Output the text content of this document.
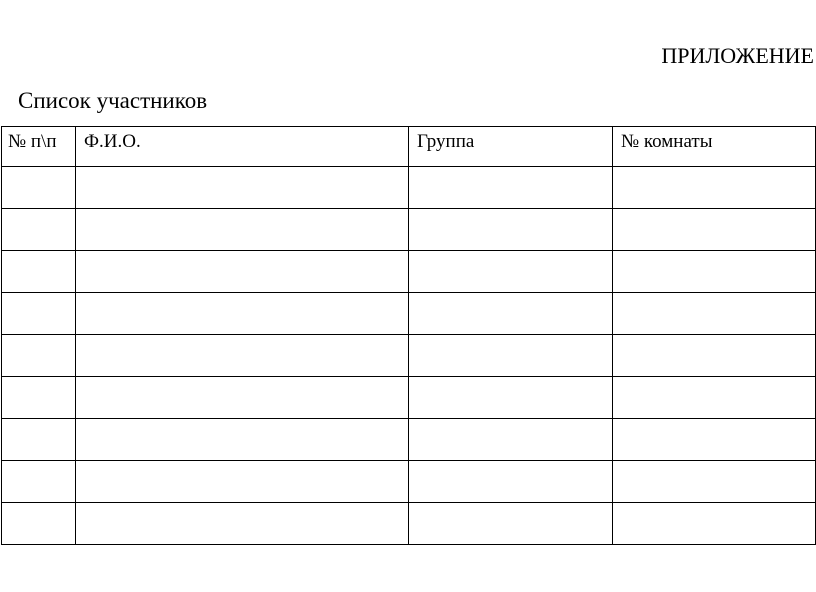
ПРИЛОЖЕНИЕ
Список участников
№ п\п	Ф.И.О.	Группа	№ комнаты
